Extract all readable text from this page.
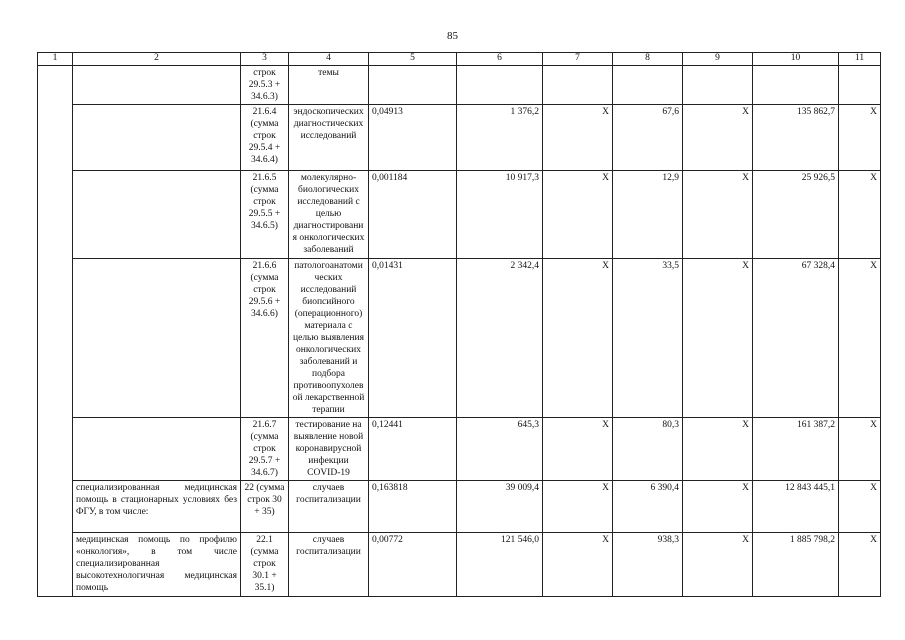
85
1	2	3	4	5	6	7	8	9	10	11
		строк 29.5.3 + 34.6.3)	темы							
		21.6.4 (сумма строк 29.5.4 + 34.6.4)	эндоскопических диагностических исследований	0,04913	1 376,2	X	67,6	X	135 862,7	X
		21.6.5 (сумма строк 29.5.5 + 34.6.5)	молекулярно-биологических исследований с целью диагностирования онкологических заболеваний	0,001184	10 917,3	X	12,9	X	25 926,5	X
		21.6.6 (сумма строк 29.5.6 + 34.6.6)	патологоанатомических исследований биопсийного (операционного) материала с целью выявления онкологических заболеваний и подбора противоопухолевой лекарственной терапии	0,01431	2 342,4	X	33,5	X	67 328,4	X
		21.6.7 (сумма строк 29.5.7 + 34.6.7)	тестирование на выявление новой коронавирусной инфекции COVID-19	0,12441	645,3	X	80,3	X	161 387,2	X
	специализированная медицинская помощь в стационарных условиях без ФГУ, в том числе:	22 (сумма строк 30 + 35)	случаев госпитализации	0,163818	39 009,4	X	6 390,4	X	12 843 445,1	X
	медицинская помощь по профилю «онкология», в том числе специализированная высокотехнологичная медицинская помощь	22.1 (сумма строк 30.1 + 35.1)	случаев госпитализации	0,00772	121 546,0	X	938,3	X	1 885 798,2	X
